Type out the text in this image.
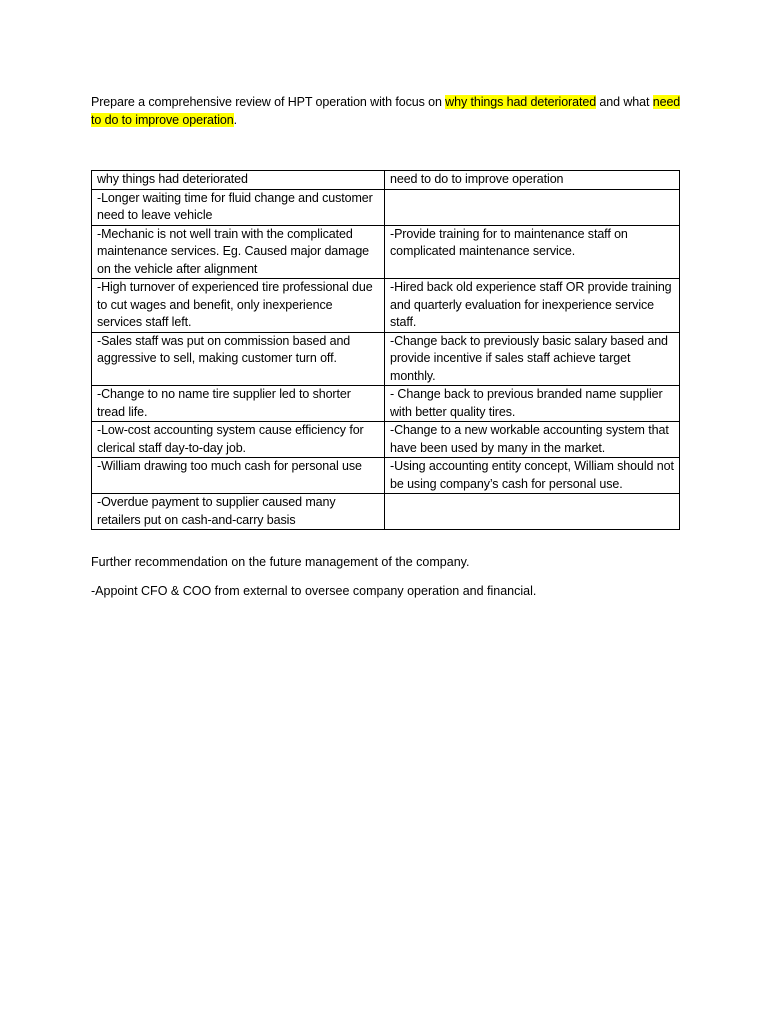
Prepare a comprehensive review of HPT operation with focus on why things had deteriorated and what need to do to improve operation.

why things had deteriorated	need to do to improve operation
-Longer waiting time for fluid change and customer need to leave vehicle	
-Mechanic is not well train with the complicated maintenance services. Eg. Caused major damage on the vehicle after alignment	-Provide training for to maintenance staff on complicated maintenance service.
-High turnover of experienced tire professional due to cut wages and benefit, only inexperience services staff left.	-Hired back old experience staff OR provide training and quarterly evaluation for inexperience service staff.
-Sales staff was put on commission based and aggressive to sell, making customer turn off.	-Change back to previously basic salary based and provide incentive if sales staff achieve target monthly.
-Change to no name tire supplier led to shorter tread life.	- Change back to previous branded name supplier with better quality tires.
-Low-cost accounting system cause efficiency for clerical staff day-to-day job.	-Change to a new workable accounting system that have been used by many in the market.
-William drawing too much cash for personal use	-Using accounting entity concept, William should not be using company’s cash for personal use.
-Overdue payment to supplier caused many retailers put on cash-and-carry basis	

Further recommendation on the future management of the company.

-Appoint CFO & COO from external to oversee company operation and financial.
